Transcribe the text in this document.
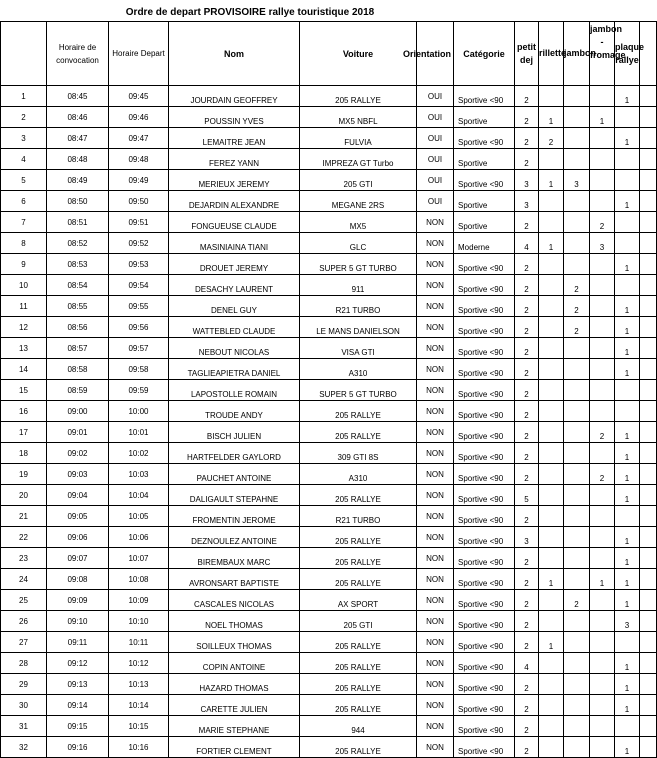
Ordre de depart PROVISOIRE rallye touristique 2018
	Horaire de convocation	Horaire Depart	Nom	Voiture	Orientation	Catégorie	petit dej	rillette	jambon	jambon - fromage	plaque rallye	
1	08:45	09:45	JOURDAIN GEOFFREY	205 RALLYE	OUI	Sportive <90	2				1	
2	08:46	09:46	POUSSIN YVES	MX5 NBFL	OUI	Sportive	2	1		1		
3	08:47	09:47	LEMAITRE JEAN	FULVIA	OUI	Sportive <90	2	2			1	
4	08:48	09:48	FEREZ YANN	IMPREZA GT Turbo	OUI	Sportive	2					
5	08:49	09:49	MERIEUX JEREMY	205 GTI	OUI	Sportive <90	3	1	3			
6	08:50	09:50	DEJARDIN ALEXANDRE	MEGANE 2RS	OUI	Sportive	3				1	
7	08:51	09:51	FONGUEUSE CLAUDE	MX5	NON	Sportive	2			2		
8	08:52	09:52	MASINIAINA TIANI	GLC	NON	Moderne	4	1		3		
9	08:53	09:53	DROUET JEREMY	SUPER 5 GT TURBO	NON	Sportive <90	2				1	
10	08:54	09:54	DESACHY LAURENT	911	NON	Sportive <90	2		2			
11	08:55	09:55	DENEL GUY	R21 TURBO	NON	Sportive <90	2		2		1	
12	08:56	09:56	WATTEBLED CLAUDE	LE MANS DANIELSON	NON	Sportive <90	2		2		1	
13	08:57	09:57	NEBOUT NICOLAS	VISA GTI	NON	Sportive <90	2				1	
14	08:58	09:58	TAGLIEAPIETRA DANIEL	A310	NON	Sportive <90	2				1	
15	08:59	09:59	LAPOSTOLLE ROMAIN	SUPER 5 GT TURBO	NON	Sportive <90	2					
16	09:00	10:00	TROUDE ANDY	205 RALLYE	NON	Sportive <90	2					
17	09:01	10:01	BISCH JULIEN	205 RALLYE	NON	Sportive <90	2			2	1	
18	09:02	10:02	HARTFELDER GAYLORD	309 GTI 8S	NON	Sportive <90	2				1	
19	09:03	10:03	PAUCHET ANTOINE	A310	NON	Sportive <90	2			2	1	
20	09:04	10:04	DALIGAULT STEPAHNE	205 RALLYE	NON	Sportive <90	5				1	
21	09:05	10:05	FROMENTIN JEROME	R21 TURBO	NON	Sportive <90	2					
22	09:06	10:06	DEZNOULEZ ANTOINE	205 RALLYE	NON	Sportive <90	3				1	
23	09:07	10:07	BIREMBAUX MARC	205 RALLYE	NON	Sportive <90	2				1	
24	09:08	10:08	AVRONSART BAPTISTE	205 RALLYE	NON	Sportive <90	2	1		1	1	
25	09:09	10:09	CASCALES NICOLAS	AX SPORT	NON	Sportive <90	2		2		1	
26	09:10	10:10	NOEL THOMAS	205 GTI	NON	Sportive <90	2				3	
27	09:11	10:11	SOILLEUX THOMAS	205 RALLYE	NON	Sportive <90	2	1				
28	09:12	10:12	COPIN ANTOINE	205 RALLYE	NON	Sportive <90	4				1	
29	09:13	10:13	HAZARD THOMAS	205 RALLYE	NON	Sportive <90	2				1	
30	09:14	10:14	CARETTE JULIEN	205 RALLYE	NON	Sportive <90	2				1	
31	09:15	10:15	MARIE STEPHANE	944	NON	Sportive <90	2					
32	09:16	10:16	FORTIER CLEMENT	205 RALLYE	NON	Sportive <90	2				1	
